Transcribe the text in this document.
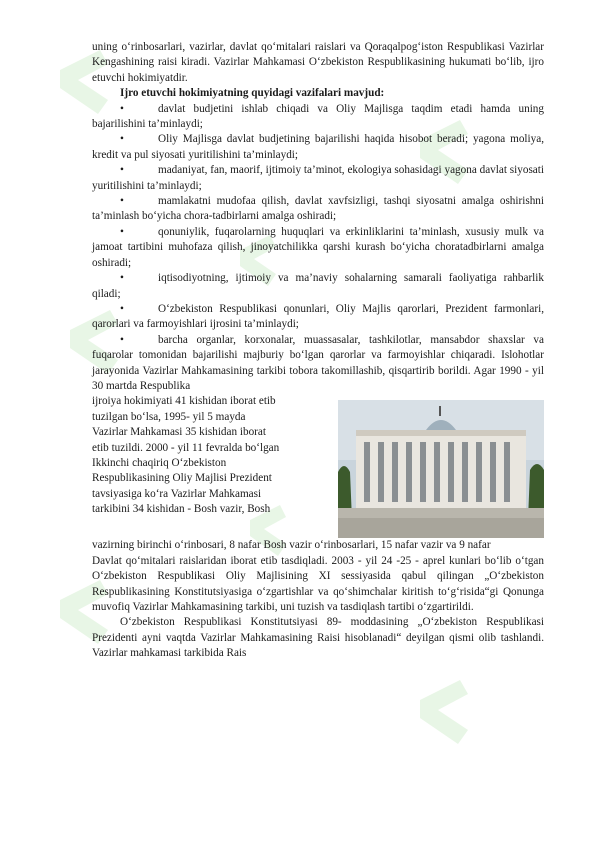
uning o‘rinbosarlari, vazirlar, davlat qo‘mitalari raislari va Qoraqalpog‘iston Respublikasi Vazirlar Kengashining raisi kiradi. Vazirlar Mahkamasi O‘zbekiston Respublikasining hukumati bo‘lib, ijro etuvchi hokimiyatdir.

Ijro etuvchi hokimiyatning quyidagi vazifalari mavjud:

•	davlat budjetini ishlab chiqadi va Oliy Majlisga taqdim etadi hamda uning bajarilishini ta’minlaydi;

•	Oliy Majlisga davlat budjetining bajarilishi haqida hisobot beradi; yagona moliya, kredit va pul siyosati yuritilishini ta’minlaydi;

•	madaniyat, fan, maorif, ijtimoiy ta’minot, ekologiya sohasidagi yagona davlat siyosati yuritilishini ta’minlaydi;

•	mamlakatni mudofaa qilish, davlat xavfsizligi, tashqi siyosatni amalga oshirishni ta’minlash bo‘yicha chora-tadbirlarni amalga oshiradi;

•	qonuniylik, fuqarolarning huquqlari va erkinliklarini ta’minlash, xususiy mulk va jamoat tartibini muhofaza qilish, jinoyatchilikka qarshi kurash bo‘yicha choratadbirlarni amalga oshiradi;

•	iqtisodiyotning, ijtimoiy va ma’naviy sohalarning samarali faoliyatiga rahbarlik qiladi;

•	O‘zbekiston Respublikasi qonunlari, Oliy Majlis qarorlari, Prezident farmonlari, qarorlari va farmoyishlari ijrosini ta’minlaydi;

•	barcha organlar, korxonalar, muassasalar, tashkilotlar, mansabdor shaxslar va fuqarolar tomonidan bajarilishi majburiy bo‘lgan qarorlar va farmoyishlar chiqaradi. Islohotlar jarayonida Vazirlar Mahkamasining tarkibi tobora takomillashib, qisqartirib borildi. Agar 1990 - yil 30 martda Respublika

ijroiya hokimiyati 41 kishidan iborat etib
tuzilgan bo‘lsa, 1995- yil 5 mayda
Vazirlar Mahkamasi 35 kishidan iborat
etib tuzildi. 2000 - yil 11 fevralda bo‘lgan
Ikkinchi chaqiriq O‘zbekiston
Respublikasining Oliy Majlisi Prezident
tavsiyasiga ko‘ra Vazirlar Mahkamasi
tarkibini 34 kishidan - Bosh vazir, Bosh

vazirning birinchi o‘rinbosari, 8 nafar Bosh vazir o‘rinbosarlari, 15 nafar vazir va 9 nafar

Davlat qo‘mitalari raislaridan iborat etib tasdiqladi. 2003 - yil 24 -25 - aprel kunlari bo‘lib o‘tgan O‘zbekiston Respublikasi Oliy Majlisining XI sessiyasida qabul qilingan „O‘zbekiston Respublikasining Konstitutsiyasiga o‘zgartishlar va qo‘shimchalar kiritish to‘g‘risida“gi Qonunga muvofiq Vazirlar Mahkamasining tarkibi, uni tuzish va tasdiqlash tartibi o‘zgartirildi.

O‘zbekiston Respublikasi Konstitutsiyasi 89- moddasining „O‘zbekiston Respublikasi Prezidenti ayni vaqtda Vazirlar Mahkamasining Raisi hisoblanadi“ deyilgan qismi olib tashlandi. Vazirlar mahkamasi tarkibida Rais
